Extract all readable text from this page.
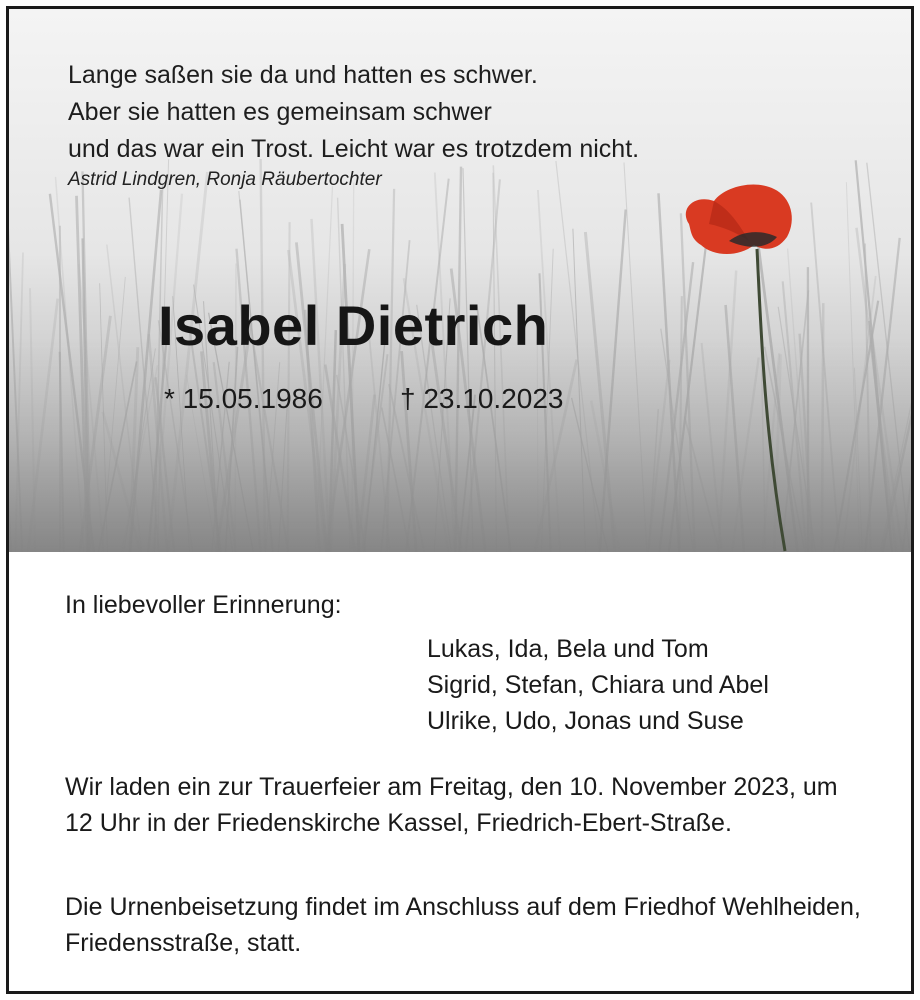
Lange saßen sie da und hatten es schwer.

Aber sie hatten es gemeinsam schwer

und das war ein Trost. Leicht war es trotzdem nicht.

Astrid Lindgren, Ronja Räubertochter
Isabel Dietrich
* 15.05.1986	† 23.10.2023
In liebevoller Erinnerung:
Lukas, Ida, Bela und Tom
Sigrid, Stefan, Chiara und Abel
Ulrike, Udo, Jonas und Suse
Wir laden ein zur Trauerfeier am Freitag, den 10. November 2023, um 12 Uhr in der Friedenskirche Kassel, Friedrich-Ebert-Straße.
Die Urnenbeisetzung findet im Anschluss auf dem Friedhof Wehlheiden, Friedensstraße, statt.
